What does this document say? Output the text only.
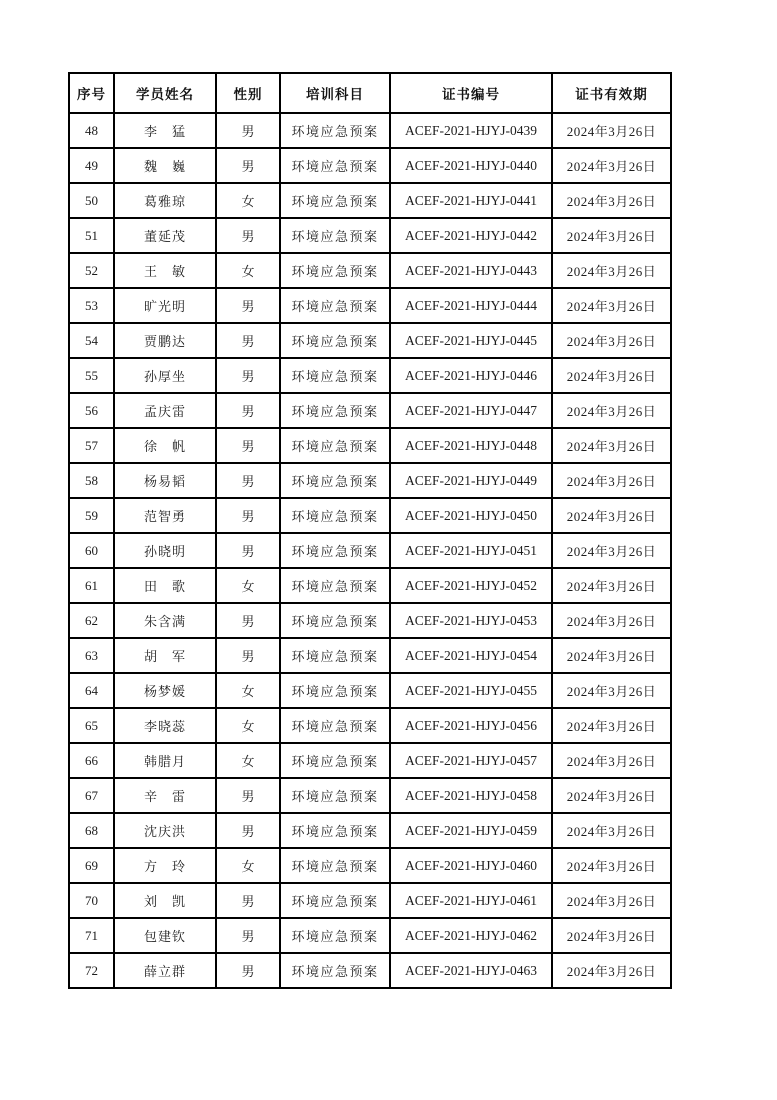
序号	学员姓名	性别	培训科目	证书编号	证书有效期
48	李　猛	男	环境应急预案	ACEF-2021-HJYJ-0439	2024年3月26日
49	魏　巍	男	环境应急预案	ACEF-2021-HJYJ-0440	2024年3月26日
50	葛雅琼	女	环境应急预案	ACEF-2021-HJYJ-0441	2024年3月26日
51	董延茂	男	环境应急预案	ACEF-2021-HJYJ-0442	2024年3月26日
52	王　敏	女	环境应急预案	ACEF-2021-HJYJ-0443	2024年3月26日
53	旷光明	男	环境应急预案	ACEF-2021-HJYJ-0444	2024年3月26日
54	贾鹏达	男	环境应急预案	ACEF-2021-HJYJ-0445	2024年3月26日
55	孙厚坐	男	环境应急预案	ACEF-2021-HJYJ-0446	2024年3月26日
56	孟庆雷	男	环境应急预案	ACEF-2021-HJYJ-0447	2024年3月26日
57	徐　帆	男	环境应急预案	ACEF-2021-HJYJ-0448	2024年3月26日
58	杨易韬	男	环境应急预案	ACEF-2021-HJYJ-0449	2024年3月26日
59	范智勇	男	环境应急预案	ACEF-2021-HJYJ-0450	2024年3月26日
60	孙晓明	男	环境应急预案	ACEF-2021-HJYJ-0451	2024年3月26日
61	田　歌	女	环境应急预案	ACEF-2021-HJYJ-0452	2024年3月26日
62	朱含满	男	环境应急预案	ACEF-2021-HJYJ-0453	2024年3月26日
63	胡　军	男	环境应急预案	ACEF-2021-HJYJ-0454	2024年3月26日
64	杨梦媛	女	环境应急预案	ACEF-2021-HJYJ-0455	2024年3月26日
65	李晓蕊	女	环境应急预案	ACEF-2021-HJYJ-0456	2024年3月26日
66	韩腊月	女	环境应急预案	ACEF-2021-HJYJ-0457	2024年3月26日
67	辛　雷	男	环境应急预案	ACEF-2021-HJYJ-0458	2024年3月26日
68	沈庆洪	男	环境应急预案	ACEF-2021-HJYJ-0459	2024年3月26日
69	方　玲	女	环境应急预案	ACEF-2021-HJYJ-0460	2024年3月26日
70	刘　凯	男	环境应急预案	ACEF-2021-HJYJ-0461	2024年3月26日
71	包建钦	男	环境应急预案	ACEF-2021-HJYJ-0462	2024年3月26日
72	薛立群	男	环境应急预案	ACEF-2021-HJYJ-0463	2024年3月26日
